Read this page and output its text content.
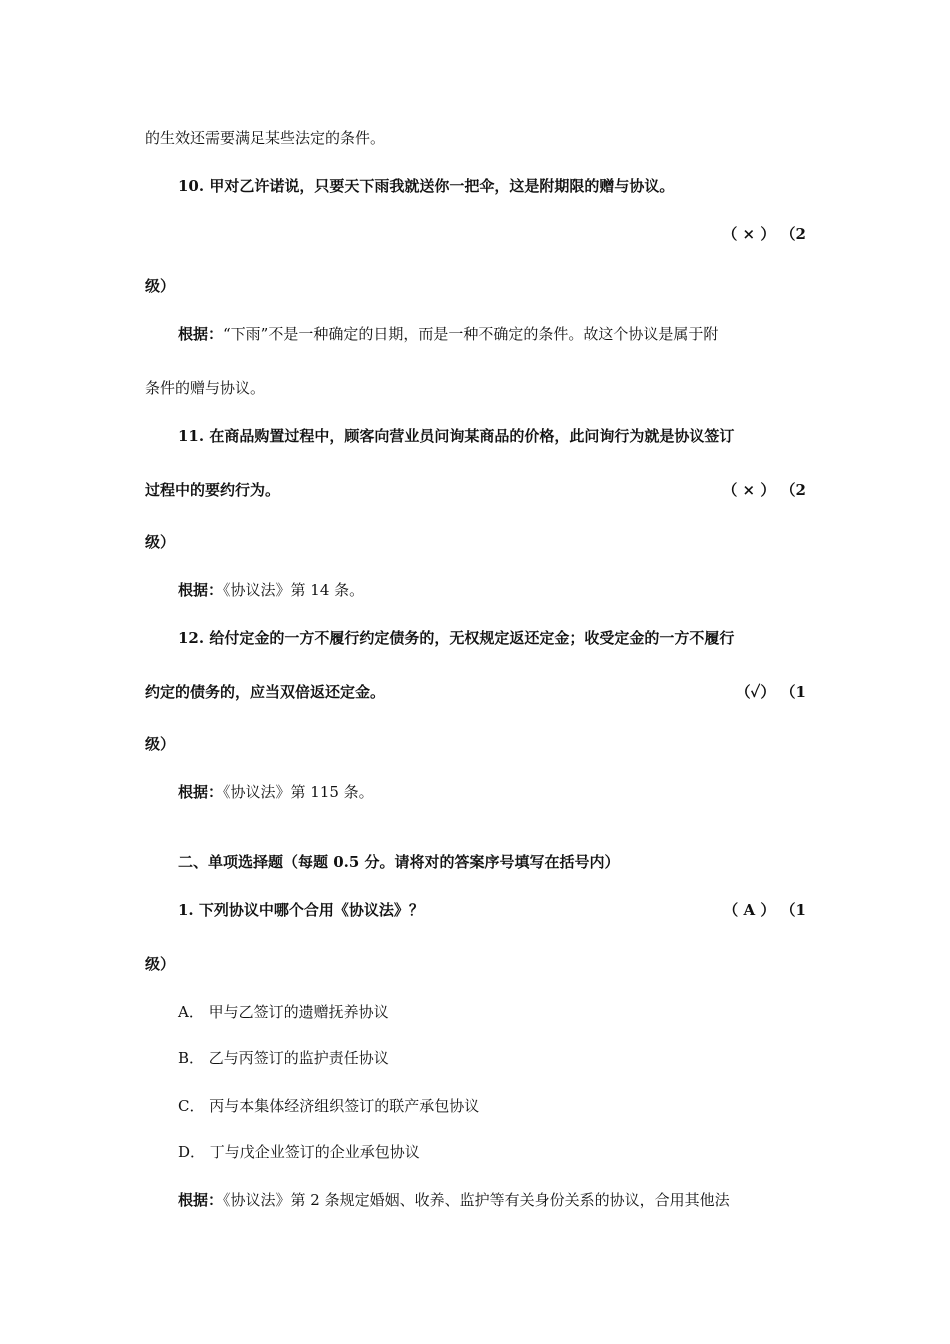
的生效还需要满足某些法定的条件。
10. 甲对乙许诺说，只要天下雨我就送你一把伞，这是附期限的赠与协议。
（ × ） （2
级）
根据：“下雨”不是一种确定的日期，而是一种不确定的条件。故这个协议是属于附
条件的赠与协议。
11. 在商品购置过程中，顾客向营业员问询某商品的价格，此问询行为就是协议签订
过程中的要约行为。	（ × ） （2
级）
根据：《协议法》第 14 条。
12. 给付定金的一方不履行约定债务的，无权规定返还定金；收受定金的一方不履行
约定的债务的，应当双倍返还定金。	（✓） （1
级）
根据：《协议法》第 115 条。
二、单项选择题（每题 0.5 分。请将对的答案序号填写在括号内）
1. 下列协议中哪个合用《协议法》？	（ A ） （1
级）
A． 甲与乙签订的遗赠抚养协议
B． 乙与丙签订的监护责任协议
C． 丙与本集体经济组织签订的联产承包协议
D． 丁与戊企业签订的企业承包协议
根据：《协议法》第 2 条规定婚姻、收养、监护等有关身份关系的协议，合用其他法
